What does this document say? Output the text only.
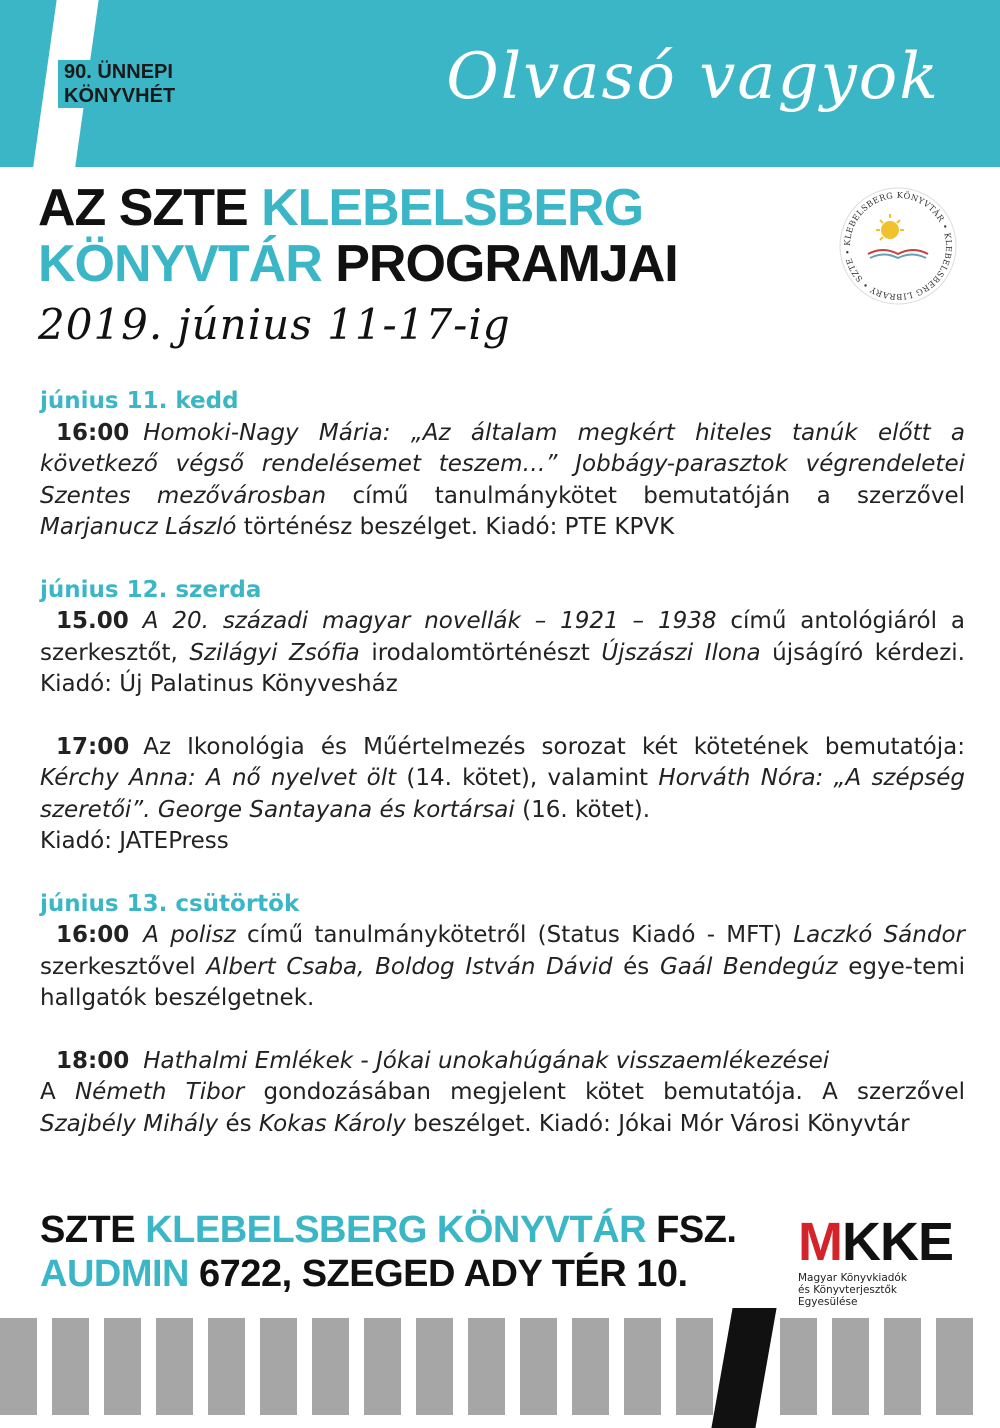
90. ÜNNEPI
KÖNYVHÉT	Olvasó vagyok
AZ SZTE KLEBELSBERG
KÖNYVTÁR PROGRAMJAI
2019. június 11-17-ig
KLEBELSBERG KÖNYVTÁR • KLEBELSBERG LIBRARY • SZTE •
június 11. kedd
16:00 Homoki-Nagy Mária: „Az általam megkért hiteles tanúk előtt a következő végső rendelésemet teszem…” Jobbágy-parasztok végrendeletei Szentes mezővárosban című tanulmánykötet bemutatóján a szerzővel Marjanucz László történész beszélget. Kiadó: PTE KPVK
június 12. szerda
15.00 A 20. századi magyar novellák – 1921 – 1938 című antológiáról a szerkesztőt, Szilágyi Zsófia irodalomtörténészt Újszászi Ilona újságíró kérdezi. Kiadó: Új Palatinus Könyvesház
17:00 Az Ikonológia és Műértelmezés sorozat két kötetének bemutatója: Kérchy Anna: A nő nyelvet ölt (14. kötet), valamint Horváth Nóra: „A szépség szeretői”. George Santayana és kortársai (16. kötet).
Kiadó: JATEPress
június 13. csütörtök
16:00 A polisz című tanulmánykötetről (Status Kiadó - MFT) Laczkó Sándor szerkesztővel Albert Csaba, Boldog István Dávid és Gaál Bendegúz egye-temi hallgatók beszélgetnek.
18:00 Hathalmi Emlékek - Jókai unokahúgának visszaemlékezései
A Németh Tibor gondozásában megjelent kötet bemutatója. A szerzővel Szajbély Mihály és Kokas Károly beszélget. Kiadó: Jókai Mór Városi Könyvtár
SZTE KLEBELSBERG KÖNYVTÁR FSZ.
AUDMIN 6722, SZEGED ADY TÉR 10.
MKKE
Magyar Könyvkiadók
és Könyvterjesztők
Egyesülése
